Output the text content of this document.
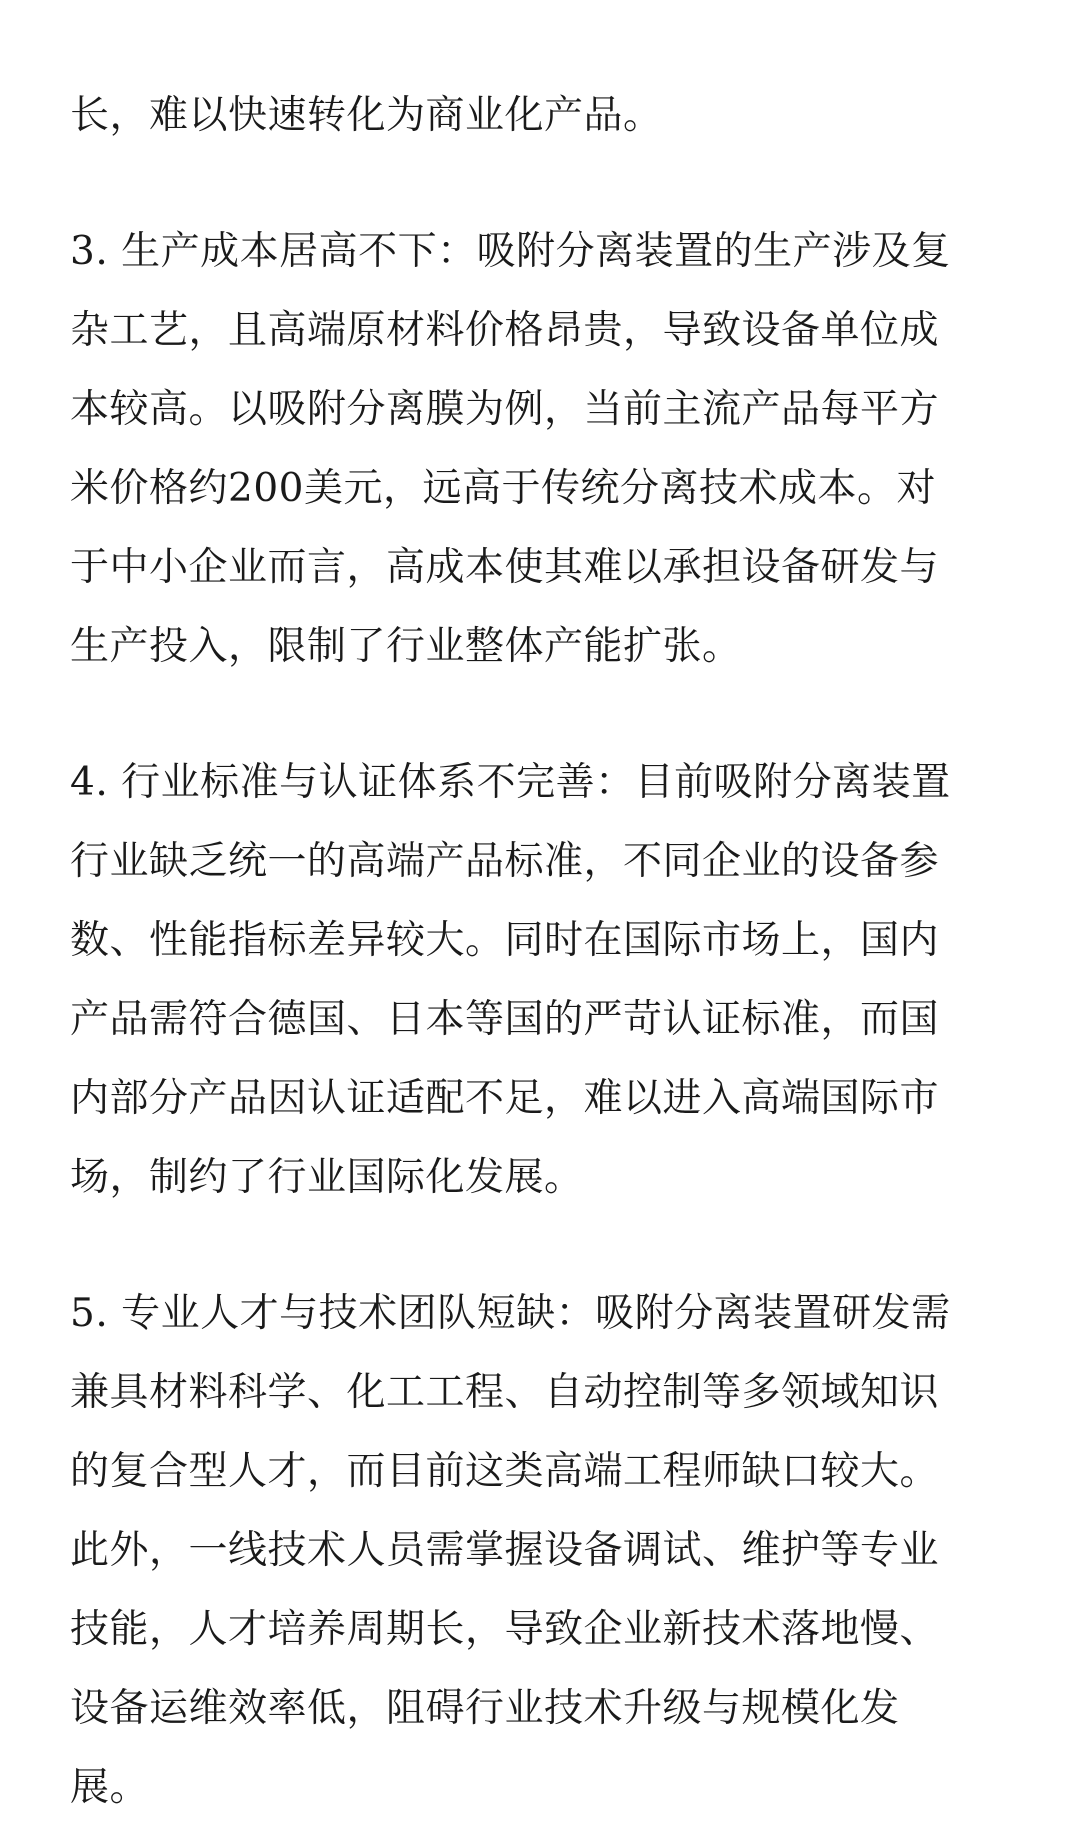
长，难以快速转化为商业化产品。
3. 生产成本居高不下：吸附分离装置的生产涉及复
杂工艺，且高端原材料价格昂贵，导致设备单位成
本较高。以吸附分离膜为例，当前主流产品每平方
米价格约200美元，远高于传统分离技术成本。对
于中小企业而言，高成本使其难以承担设备研发与
生产投入，限制了行业整体产能扩张。
4. 行业标准与认证体系不完善：目前吸附分离装置
行业缺乏统一的高端产品标准，不同企业的设备参
数、性能指标差异较大。同时在国际市场上，国内
产品需符合德国、日本等国的严苛认证标准，而国
内部分产品因认证适配不足，难以进入高端国际市
场，制约了行业国际化发展。
5. 专业人才与技术团队短缺：吸附分离装置研发需
兼具材料科学、化工工程、自动控制等多领域知识
的复合型人才，而目前这类高端工程师缺口较大。
此外，一线技术人员需掌握设备调试、维护等专业
技能，人才培养周期长，导致企业新技术落地慢、
设备运维效率低，阻碍行业技术升级与规模化发
展。
